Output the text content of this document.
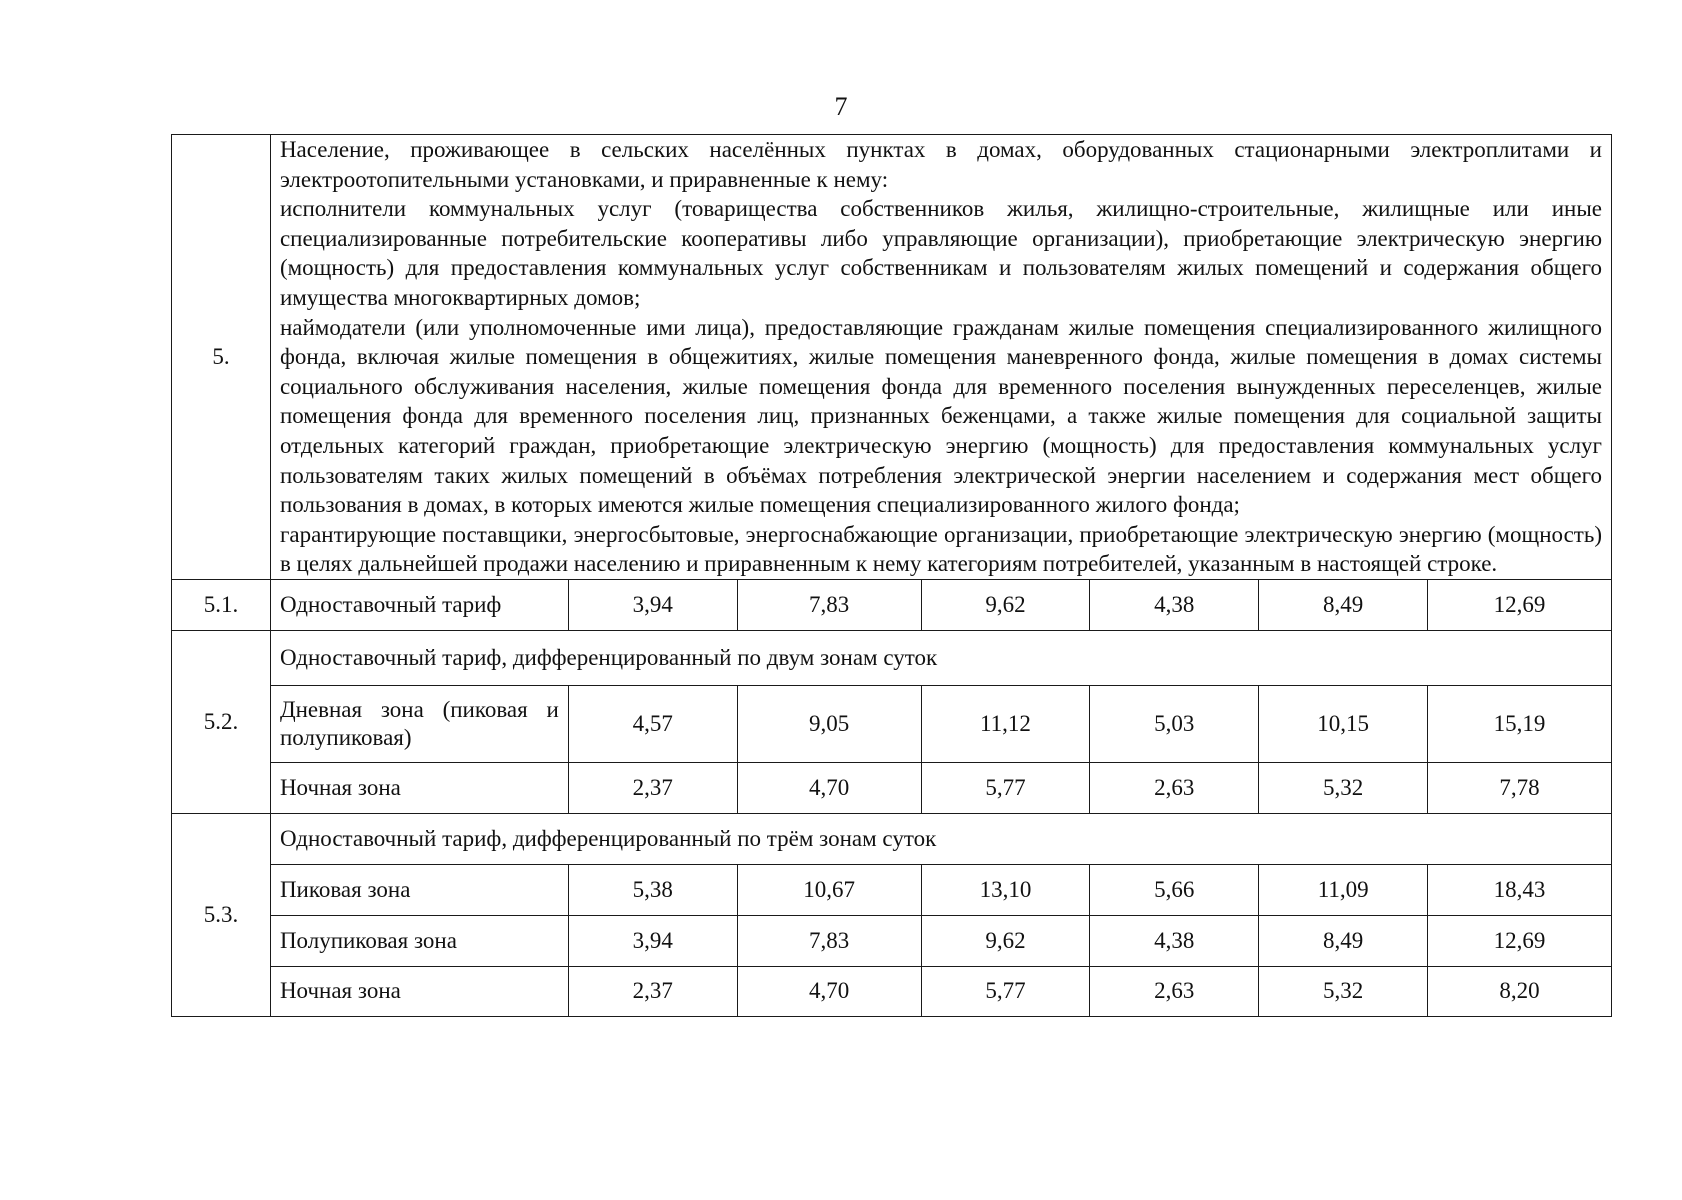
7
5.	Население, проживающее в сельских населённых пунктах в домах, оборудованных стационарными электроплитами и электроотопительными установками, и приравненные к нему:

исполнители коммунальных услуг (товарищества собственников жилья, жилищно-строительные, жилищные или иные специализированные потребительские кооперативы либо управляющие организации), приобретающие электрическую энергию (мощность) для предоставления коммунальных услуг собственникам и пользователям жилых помещений и содержания общего имущества многоквартирных домов;

наймодатели (или уполномоченные ими лица), предоставляющие гражданам жилые помещения специализированного жилищного фонда, включая жилые помещения в общежитиях, жилые помещения маневренного фонда, жилые помещения в домах системы социального обслуживания населения, жилые помещения фонда для временного поселения вынужденных переселенцев, жилые помещения фонда для временного поселения лиц, признанных беженцами, а также жилые помещения для социальной защиты отдельных категорий граждан, приобретающие электрическую энергию (мощность) для предоставления коммунальных услуг пользователям таких жилых помещений в объёмах потребления электрической энергии населением и содержания мест общего пользования в домах, в которых имеются жилые помещения специализированного жилого фонда;

гарантирующие поставщики, энергосбытовые, энергоснабжающие организации, приобретающие электрическую энергию (мощность) в целях дальнейшей продажи населению и приравненным к нему категориям потребителей, указанным в настоящей строке.						

5.1.	Одноставочный тариф	3,94	7,83	9,62	4,38	8,49	12,69
5.2.	Одноставочный тариф, дифференцированный по двум зонам суток						
	Дневная зона (пиковая и полупиковая)	4,57	9,05	11,12	5,03	10,15	15,19
	Ночная зона	2,37	4,70	5,77	2,63	5,32	7,78
5.3.	Одноставочный тариф, дифференцированный по трём зонам суток						
	Пиковая зона	5,38	10,67	13,10	5,66	11,09	18,43
	Полупиковая зона	3,94	7,83	9,62	4,38	8,49	12,69
	Ночная зона	2,37	4,70	5,77	2,63	5,32	8,20
